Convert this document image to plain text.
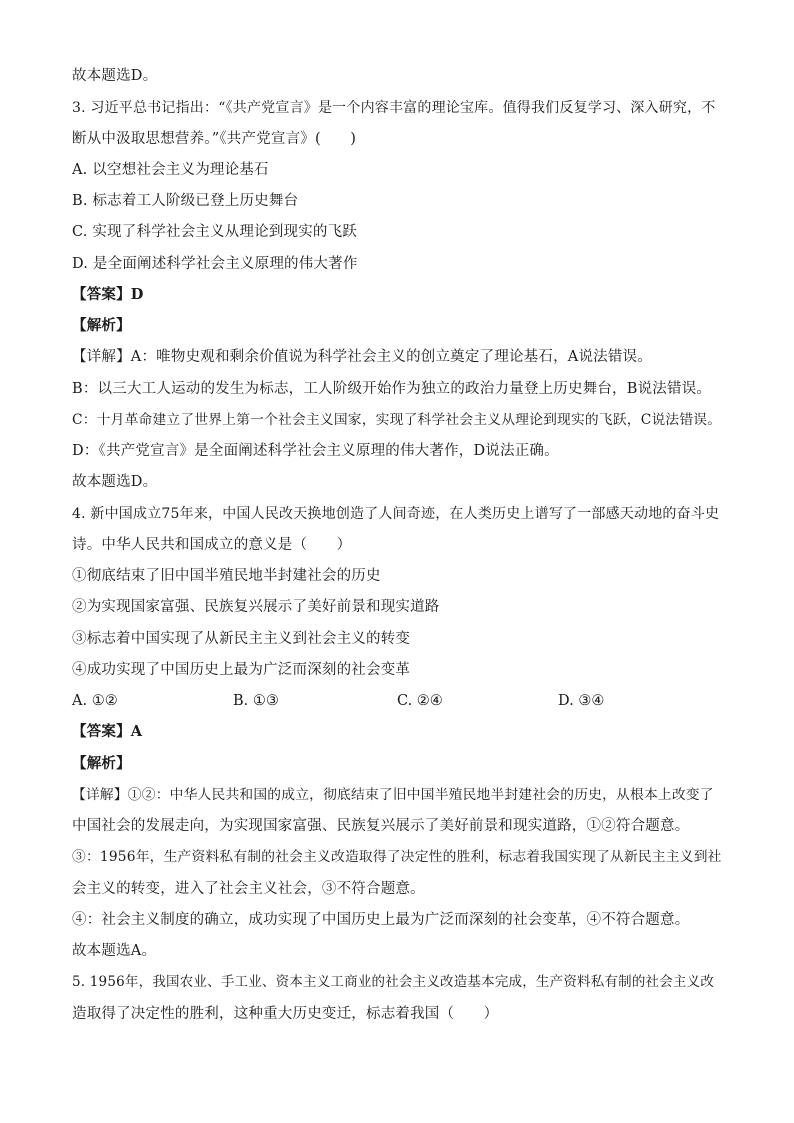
故本题选D。
3. 习近平总书记指出：“《共产党宣言》是一个内容丰富的理论宝库。值得我们反复学习、深入研究，不
断从中汲取思想营养。”《共产党宣言》(　　)
A. 以空想社会主义为理论基石
B. 标志着工人阶级已登上历史舞台
C. 实现了科学社会主义从理论到现实的飞跃
D. 是全面阐述科学社会主义原理的伟大著作
【答案】D
【解析】
【详解】A：唯物史观和剩余价值说为科学社会主义的创立奠定了理论基石，A说法错误。
B：以三大工人运动的发生为标志，工人阶级开始作为独立的政治力量登上历史舞台，B说法错误。
C：十月革命建立了世界上第一个社会主义国家，实现了科学社会主义从理论到现实的飞跃，C说法错误。
D：《共产党宣言》是全面阐述科学社会主义原理的伟大著作，D说法正确。
故本题选D。
4. 新中国成立75年来，中国人民改天换地创造了人间奇迹，在人类历史上谱写了一部感天动地的奋斗史
诗。中华人民共和国成立的意义是（　　）
①彻底结束了旧中国半殖民地半封建社会的历史
②为实现国家富强、民族复兴展示了美好前景和现实道路
③标志着中国实现了从新民主主义到社会主义的转变
④成功实现了中国历史上最为广泛而深刻的社会变革
A. ①②	B. ①③	C. ②④	D. ③④
【答案】A
【解析】
【详解】①②：中华人民共和国的成立，彻底结束了旧中国半殖民地半封建社会的历史，从根本上改变了
中国社会的发展走向，为实现国家富强、民族复兴展示了美好前景和现实道路，①②符合题意。
③：1956年，生产资料私有制的社会主义改造取得了决定性的胜利，标志着我国实现了从新民主主义到社
会主义的转变，进入了社会主义社会，③不符合题意。
④：社会主义制度的确立，成功实现了中国历史上最为广泛而深刻的社会变革，④不符合题意。
故本题选A。
5. 1956年，我国农业、手工业、资本主义工商业的社会主义改造基本完成，生产资料私有制的社会主义改
造取得了决定性的胜利，这种重大历史变迁，标志着我国（　　）
